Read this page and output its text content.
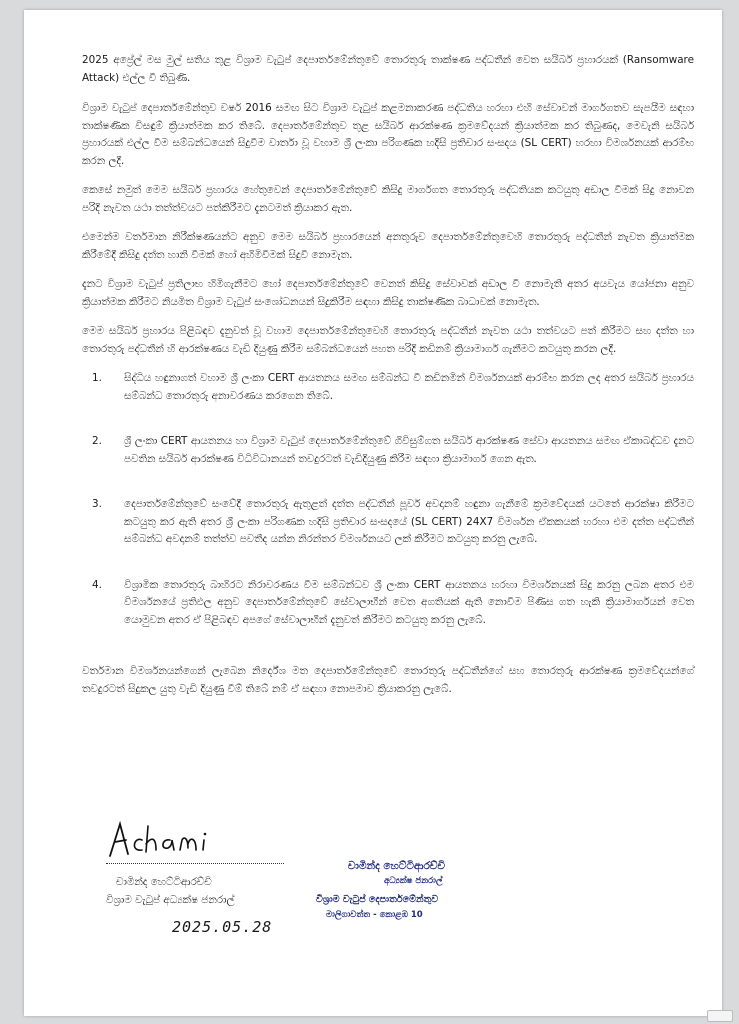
2025 අප්‍රේල් මස මුල් සතිය තුළ විශ්‍රාම වැටුප් දෙපාර්තමේන්තුවේ තොරතුරු තාක්ෂණ පද්ධතීන් වෙත සයිබර් ප්‍රහාරයක් (Ransomware Attack) එල්ල වී තිබුණි.

විශ්‍රාම වැටුප් දෙපාර්තමේන්තුව වර්ෂ 2016 සමඟ සිට විශ්‍රාම වැටුප් කළමනාකරණ පද්ධතිය හරහා එහි සේවාවන් මාර්ගගතව සැපයීම සඳහා තාක්ෂණික විසඳුම් ක්‍රියාත්මක කර තිබේ. දෙපාර්තමේන්තුව තුළ සයිබර් ආරක්ෂණ ක්‍රමවේදයන් ක්‍රියාත්මක කර තිබුණද, මෙවැනි සයිබර් ප්‍රහාරයක් එල්ල වීම සම්බන්ධයෙන් සිදුවීම වාර්තා වූ වහාම ශ්‍රී ලංකා පරිගණක හදිසි ප්‍රතිචාර සංසදය (SL CERT) හරහා විමර්ශනයක් ආරම්භ කරන ලදී.

කෙසේ නමුත් මෙම සයිබර් ප්‍රහාරය හේතුවෙන් දෙපාර්තමේන්තුවේ කිසිදු මාර්ගගත තොරතුරු පද්ධතියක කටයුතු අඩාල වීමක් සිදු නොවන පරිදි නැවත යථා තත්ත්වයට පත්කිරීමට දැනටමත් ක්‍රියාකර ඇත.

එමෙන්ම වර්තමාන නිරීක්ෂණයන්ට අනුව මෙම සයිබර් ප්‍රහාරයෙන් අනතුරුව දෙපාර්තමේන්තුවෙහි තොරතුරු පද්ධතීන් නැවත ක්‍රියාත්මක කිරීමේදී කිසිදු දත්ත හානි වීමක් හෝ අහිමිවීමක් සිදුවී නොමැත.

දැනට විශ්‍රාම වැටුප් ප්‍රතිලාභ හිමිගැනීමට හෝ දෙපාර්තමේන්තුවේ වෙනත් කිසිදු සේවාවක් අඩාල වී නොමැති අතර අයවැය යෝජනා අනුව ක්‍රියාත්මක කිරීමට නියමිත විශ්‍රාම වැටුප් සංශෝධනයන් සිදුකිරීම සඳහා කිසිදු තාක්ෂණික බාධාවක් නොමැත.

මෙම සයිබර් ප්‍රහාරය පිළිබඳව දැනුවත් වූ වහාම දෙපාර්තමේන්තුවෙහි තොරතුරු පද්ධතීන් නැවත යථා තත්වයට පත් කිරීමට සහ දත්ත හා තොරතුරු පද්ධතීන් හි ආරක්ෂණය වැඩි දියුණු කිරීම සම්බන්ධයෙන් පහත පරිදි කඩිනම් ක්‍රියාමාර්ග ගැනීමට කටයුතු කරන ලදී.

1. සිද්ධිය හඳුනාගත් වහාම ශ්‍රී ලංකා CERT ආයතනය සමඟ සම්බන්ධ වී කඩිනමින් විමර්ශනයක් ආරම්භ කරන ලද අතර සයිබර් ප්‍රහාරය සම්බන්ධ තොරතුරු අනාවරණය කරගෙන තිබේ.
2. ශ්‍රී ලංකා CERT ආයතනය හා විශ්‍රාම වැටුප් දෙපාර්තමේන්තුවේ ගිවිසුම්ගත සයිබර් ආරක්ෂණ සේවා ආයතනය සමඟ ඒකාබද්ධව දැනට පවතින සයිබර් ආරක්ෂණ විධිවිධානයන් තවදුරටත් වැඩිදියුණු කිරීම සඳහා ක්‍රියාමාර්ග ගෙන ඇත.
3. දෙපාර්තමේන්තුවේ සංවේදී තොරතුරු ඇතුළත් දත්ත පද්ධතීන් පූර්ව අවදානම් හඳුනා ගැනීමේ ක්‍රමවේදයක් යටතේ ආරක්ෂා කිරීමට කටයුතු කර ඇති අතර ශ්‍රී ලංකා පරිගණක හදිසි ප්‍රතිචාර සංසදයේ (SL CERT) 24X7 විමර්ශන ඒකකයක් හරහා එම දත්ත පද්ධතීන් සම්බන්ධ අවදානම් තත්ත්ව පවතීද යන්න නිරන්තර විමර්ශනයට ලක් කිරීමට කටයුතු කරනු ලැබේ.
4. විශ්‍රාමික තොරතුරු බාහිරට නිරාවරණය වීම සම්බන්ධව ශ්‍රී ලංකා CERT ආයතනය හරහා විමර්ශනයක් සිදු කරනු ලබන අතර එම විමර්ශනයේ ප්‍රතිඵල අනුව දෙපාර්තමේන්තුවේ සේවාලාභීන් වෙත අගතියක් ඇති නොවීම පිණිස ගත හැකි ක්‍රියාමාර්ගයන් වෙත යොමුවන අතර ඒ පිළිබඳව අපගේ සේවාලාභීන් දැනුවත් කිරීමට කටයුතු කරනු ලැබේ.

වර්තමාන විමර්ශනයන්ගෙන් ලැබෙන නිර්දේශ මත දෙපාර්තමේන්තුවේ තොරතුරු පද්ධතීන්ගේ සහ තොරතුරු ආරක්ෂණ ක්‍රමවේදයන්ගේ තවදුරටත් සිදුකල යුතු වැඩි දියුණු වීම් තිබේ නම් ඒ සඳහා නොපමාව ක්‍රියාකරනු ලැබේ.

චාමින්ද හෙට්ටිආරච්චි
විශ්‍රාම වැටුප් අධ්‍යක්ෂ ජනරාල්
2025.05.28
චාමින්ද හෙට්ටිආරච්චි
අධ්‍යක්ෂ ජනරාල්
විශ්‍රාම වැටුප් දෙපාර්තමේන්තුව
මාලිගාවත්ත - කොළඹ 10
